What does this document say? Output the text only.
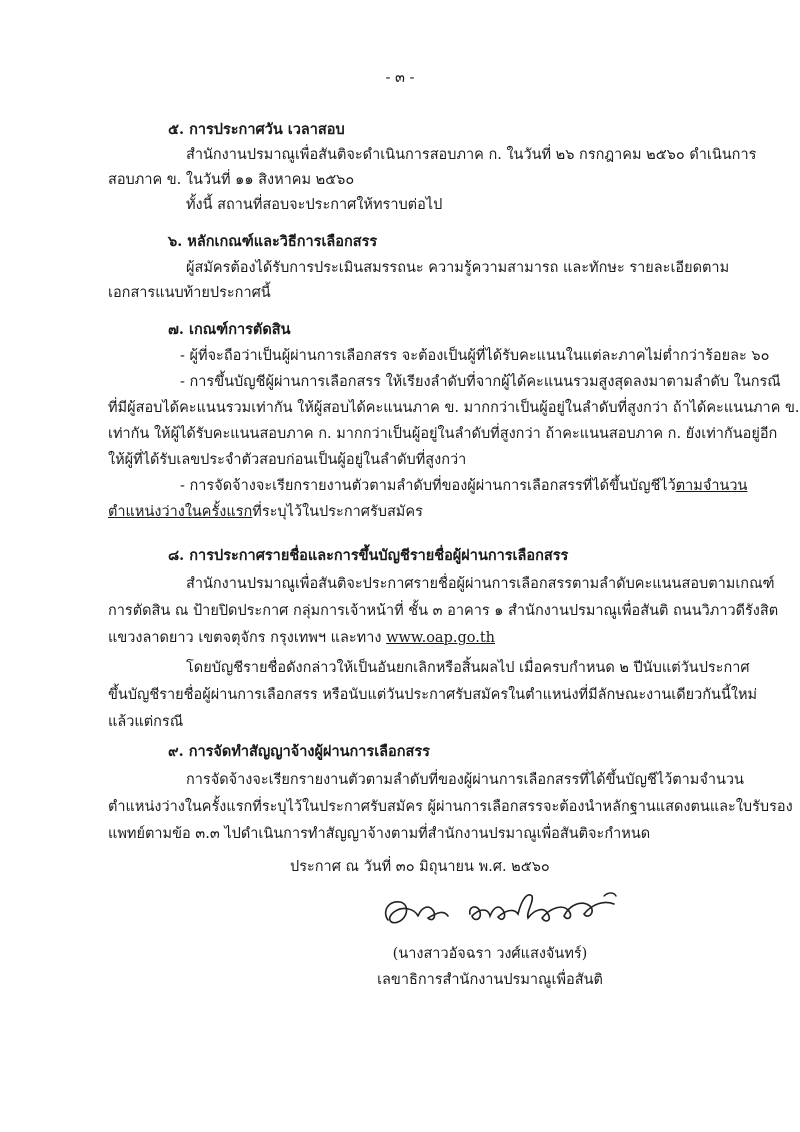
- ๓ -
๕. การประกาศวัน เวลาสอบ
สำนักงานปรมาณูเพื่อสันติจะดำเนินการสอบภาค ก. ในวันที่ ๒๖ กรกฎาคม ๒๕๖๐ ดำเนินการ
สอบภาค ข. ในวันที่ ๑๑ สิงหาคม ๒๕๖๐
ทั้งนี้ สถานที่สอบจะประกาศให้ทราบต่อไป
๖. หลักเกณฑ์และวิธีการเลือกสรร
ผู้สมัครต้องได้รับการประเมินสมรรถนะ ความรู้ความสามารถ และทักษะ รายละเอียดตาม
เอกสารแนบท้ายประกาศนี้
๗. เกณฑ์การตัดสิน
- ผู้ที่จะถือว่าเป็นผู้ผ่านการเลือกสรร จะต้องเป็นผู้ที่ได้รับคะแนนในแต่ละภาคไม่ต่ำกว่าร้อยละ ๖๐
- การขึ้นบัญชีผู้ผ่านการเลือกสรร ให้เรียงลำดับที่จากผู้ได้คะแนนรวมสูงสุดลงมาตามลำดับ ในกรณี
ที่มีผู้สอบได้คะแนนรวมเท่ากัน ให้ผู้สอบได้คะแนนภาค ข. มากกว่าเป็นผู้อยู่ในลำดับที่สูงกว่า ถ้าได้คะแนนภาค ข.
เท่ากัน ให้ผู้ได้รับคะแนนสอบภาค ก. มากกว่าเป็นผู้อยู่ในลำดับที่สูงกว่า ถ้าคะแนนสอบภาค ก. ยังเท่ากันอยู่อีก
ให้ผู้ที่ได้รับเลขประจำตัวสอบก่อนเป็นผู้อยู่ในลำดับที่สูงกว่า
- การจัดจ้างจะเรียกรายงานตัวตามลำดับที่ของผู้ผ่านการเลือกสรรที่ได้ขึ้นบัญชีไว้ตามจำนวน
ตำแหน่งว่างในครั้งแรกที่ระบุไว้ในประกาศรับสมัคร
๘. การประกาศรายชื่อและการขึ้นบัญชีรายชื่อผู้ผ่านการเลือกสรร
สำนักงานปรมาณูเพื่อสันติจะประกาศรายชื่อผู้ผ่านการเลือกสรรตามลำดับคะแนนสอบตามเกณฑ์
การตัดสิน ณ ป้ายปิดประกาศ กลุ่มการเจ้าหน้าที่ ชั้น ๓ อาคาร ๑ สำนักงานปรมาณูเพื่อสันติ ถนนวิภาวดีรังสิต
แขวงลาดยาว เขตจตุจักร กรุงเทพฯ และทาง www.oap.go.th
โดยบัญชีรายชื่อดังกล่าวให้เป็นอันยกเลิกหรือสิ้นผลไป เมื่อครบกำหนด ๒ ปีนับแต่วันประกาศ
ขึ้นบัญชีรายชื่อผู้ผ่านการเลือกสรร หรือนับแต่วันประกาศรับสมัครในตำแหน่งที่มีลักษณะงานเดียวกันนี้ใหม่
แล้วแต่กรณี
๙. การจัดทำสัญญาจ้างผู้ผ่านการเลือกสรร
การจัดจ้างจะเรียกรายงานตัวตามลำดับที่ของผู้ผ่านการเลือกสรรที่ได้ขึ้นบัญชีไว้ตามจำนวน
ตำแหน่งว่างในครั้งแรกที่ระบุไว้ในประกาศรับสมัคร ผู้ผ่านการเลือกสรรจะต้องนำหลักฐานแสดงตนและใบรับรอง
แพทย์ตามข้อ ๓.๓ ไปดำเนินการทำสัญญาจ้างตามที่สำนักงานปรมาณูเพื่อสันติจะกำหนด
ประกาศ ณ วันที่ ๓๐ มิถุนายน พ.ศ. ๒๕๖๐
(นางสาวอัจฉรา วงศ์แสงจันทร์)
เลขาธิการสำนักงานปรมาณูเพื่อสันติ
